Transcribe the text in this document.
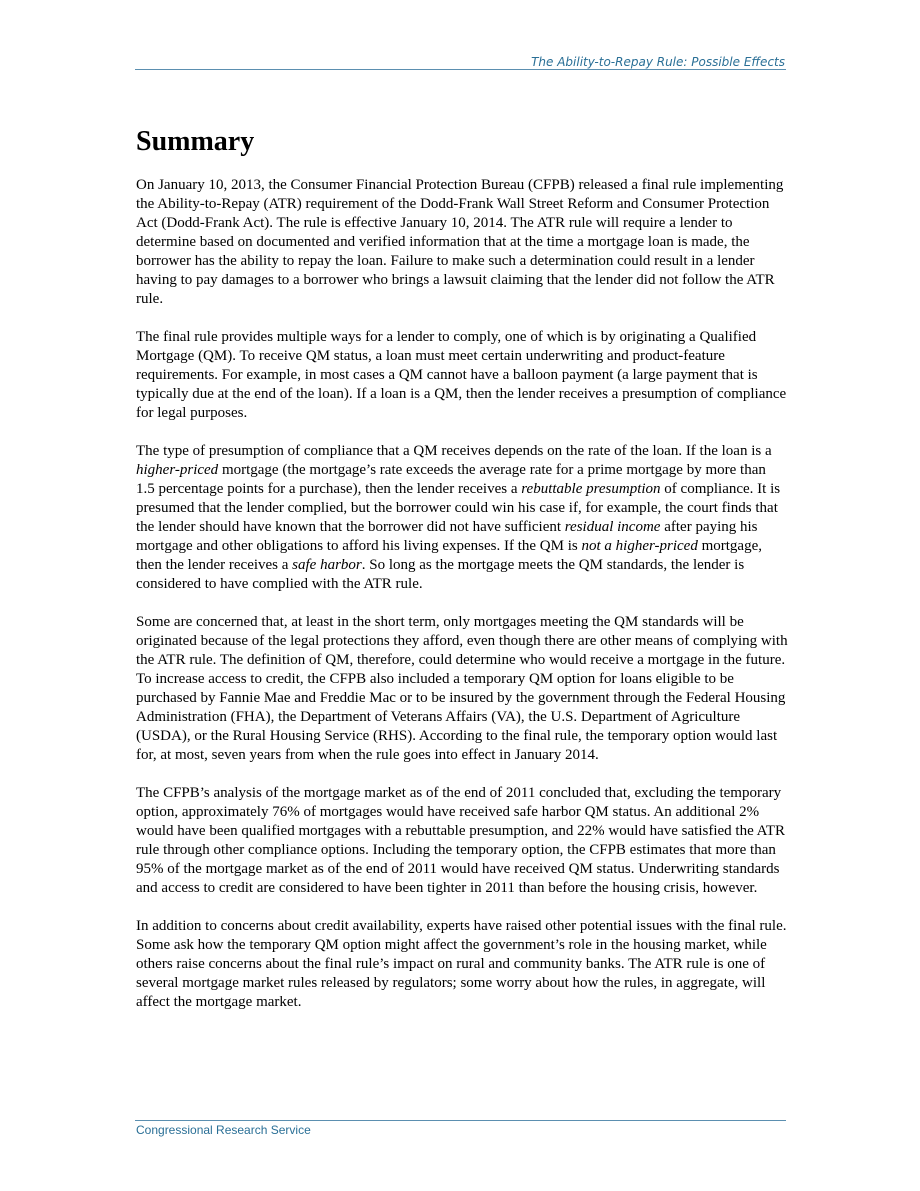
The Ability-to-Repay Rule: Possible Effects
Summary

On January 10, 2013, the Consumer Financial Protection Bureau (CFPB) released a final rule implementing the Ability-to-Repay (ATR) requirement of the Dodd-Frank Wall Street Reform and Consumer Protection Act (Dodd-Frank Act). The rule is effective January 10, 2014. The ATR rule will require a lender to determine based on documented and verified information that at the time a mortgage loan is made, the borrower has the ability to repay the loan. Failure to make such a determination could result in a lender having to pay damages to a borrower who brings a lawsuit claiming that the lender did not follow the ATR rule.

The final rule provides multiple ways for a lender to comply, one of which is by originating a Qualified Mortgage (QM). To receive QM status, a loan must meet certain underwriting and product-feature requirements. For example, in most cases a QM cannot have a balloon payment (a large payment that is typically due at the end of the loan). If a loan is a QM, then the lender receives a presumption of compliance for legal purposes.

The type of presumption of compliance that a QM receives depends on the rate of the loan. If the loan is a higher-priced mortgage (the mortgage’s rate exceeds the average rate for a prime mortgage by more than 1.5 percentage points for a purchase), then the lender receives a rebuttable presumption of compliance. It is presumed that the lender complied, but the borrower could win his case if, for example, the court finds that the lender should have known that the borrower did not have sufficient residual income after paying his mortgage and other obligations to afford his living expenses. If the QM is not a higher-priced mortgage, then the lender receives a safe harbor. So long as the mortgage meets the QM standards, the lender is considered to have complied with the ATR rule.

Some are concerned that, at least in the short term, only mortgages meeting the QM standards will be originated because of the legal protections they afford, even though there are other means of complying with the ATR rule. The definition of QM, therefore, could determine who would receive a mortgage in the future. To increase access to credit, the CFPB also included a temporary QM option for loans eligible to be purchased by Fannie Mae and Freddie Mac or to be insured by the government through the Federal Housing Administration (FHA), the Department of Veterans Affairs (VA), the U.S. Department of Agriculture (USDA), or the Rural Housing Service (RHS). According to the final rule, the temporary option would last for, at most, seven years from when the rule goes into effect in January 2014.

The CFPB’s analysis of the mortgage market as of the end of 2011 concluded that, excluding the temporary option, approximately 76% of mortgages would have received safe harbor QM status. An additional 2% would have been qualified mortgages with a rebuttable presumption, and 22% would have satisfied the ATR rule through other compliance options. Including the temporary option, the CFPB estimates that more than 95% of the mortgage market as of the end of 2011 would have received QM status. Underwriting standards and access to credit are considered to have been tighter in 2011 than before the housing crisis, however.

In addition to concerns about credit availability, experts have raised other potential issues with the final rule. Some ask how the temporary QM option might affect the government’s role in the housing market, while others raise concerns about the final rule’s impact on rural and community banks. The ATR rule is one of several mortgage market rules released by regulators; some worry about how the rules, in aggregate, will affect the mortgage market.

Congressional Research Service
